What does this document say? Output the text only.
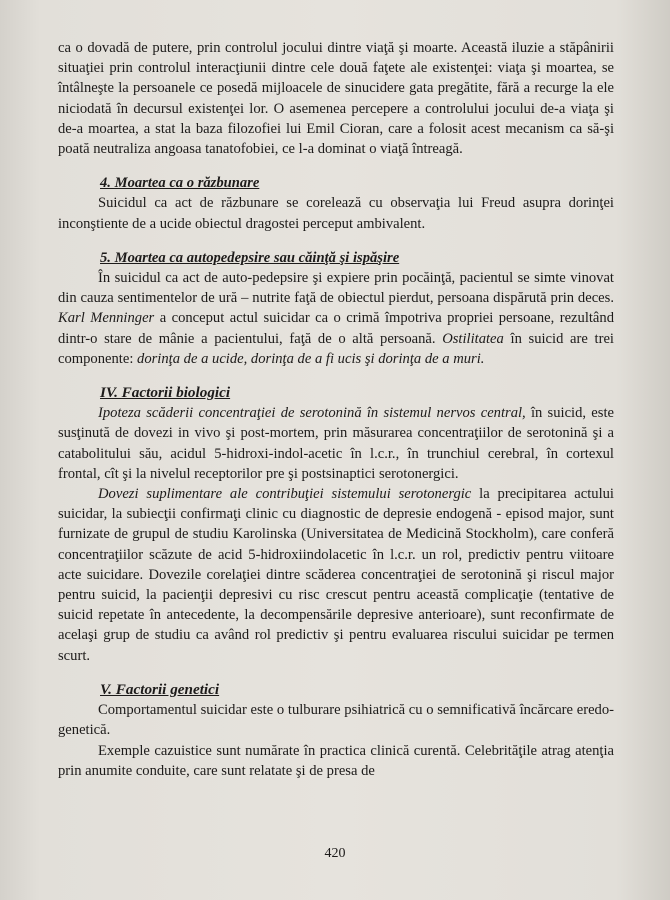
ca o dovadă de putere, prin controlul jocului dintre viaţă şi moarte. Această iluzie a stăpânirii situaţiei prin controlul interacţiunii dintre cele două faţete ale existenţei: viaţa şi moartea, se întâlneşte la persoanele ce posedă mijloacele de sinucidere gata pregătite, fără a recurge la ele niciodată în decursul existenţei lor. O asemenea percepere a controlului jocului de-a viaţa şi de-a moartea, a stat la baza filozofiei lui Emil Cioran, care a folosit acest mecanism ca să-şi poată neutraliza angoasa tanatofobiei, ce l-a dominat o viaţă întreagă.

4. Moartea ca o răzbunare

Suicidul ca act de răzbunare se corelează cu observaţia lui Freud asupra dorinţei inconştiente de a ucide obiectul dragostei perceput ambivalent.

5. Moartea ca autopedepsire sau căinţă şi ispăşire

În suicidul ca act de auto-pedepsire şi expiere prin pocăinţă, pacientul se simte vinovat din cauza sentimentelor de ură – nutrite faţă de obiectul pierdut, persoana dispărută prin deces. Karl Menninger a conceput actul suicidar ca o crimă împotriva propriei persoane, rezultând dintr-o stare de mânie a pacientului, faţă de o altă persoană. Ostilitatea în suicid are trei componente: dorinţa de a ucide, dorinţa de a fi ucis şi dorinţa de a muri.

IV. Factorii biologici

Ipoteza scăderii concentraţiei de serotonină în sistemul nervos central, în suicid, este susţinută de dovezi in vivo şi post-mortem, prin măsurarea concentraţiilor de serotonină şi a catabolitului său, acidul 5-hidroxi-indol-acetic în l.c.r., în trunchiul cerebral, în cortexul frontal, cît şi la nivelul receptorilor pre şi postsinaptici serotonergici.

Dovezi suplimentare ale contribuţiei sistemului serotonergic la precipitarea actului suicidar, la subiecţii confirmaţi clinic cu diagnostic de depresie endogenă - episod major, sunt furnizate de grupul de studiu Karolinska (Universitatea de Medicină Stockholm), care conferă concentraţiilor scăzute de acid 5-hidroxiindolacetic în l.c.r. un rol, predictiv pentru viitoare acte suicidare. Dovezile corelaţiei dintre scăderea concentraţiei de serotonină şi riscul major pentru suicid, la pacienţii depresivi cu risc crescut pentru această complicaţie (tentative de suicid repetate în antecedente, la decompensările depresive anterioare), sunt reconfirmate de acelaşi grup de studiu ca având rol predictiv şi pentru evaluarea riscului suicidar pe termen scurt.

V. Factorii genetici

Comportamentul suicidar este o tulburare psihiatrică cu o semnificativă încărcare eredo-genetică.

Exemple cazuistice sunt numărate în practica clinică curentă. Celebrităţile atrag atenţia prin anumite conduite, care sunt relatate şi de presa de

420
